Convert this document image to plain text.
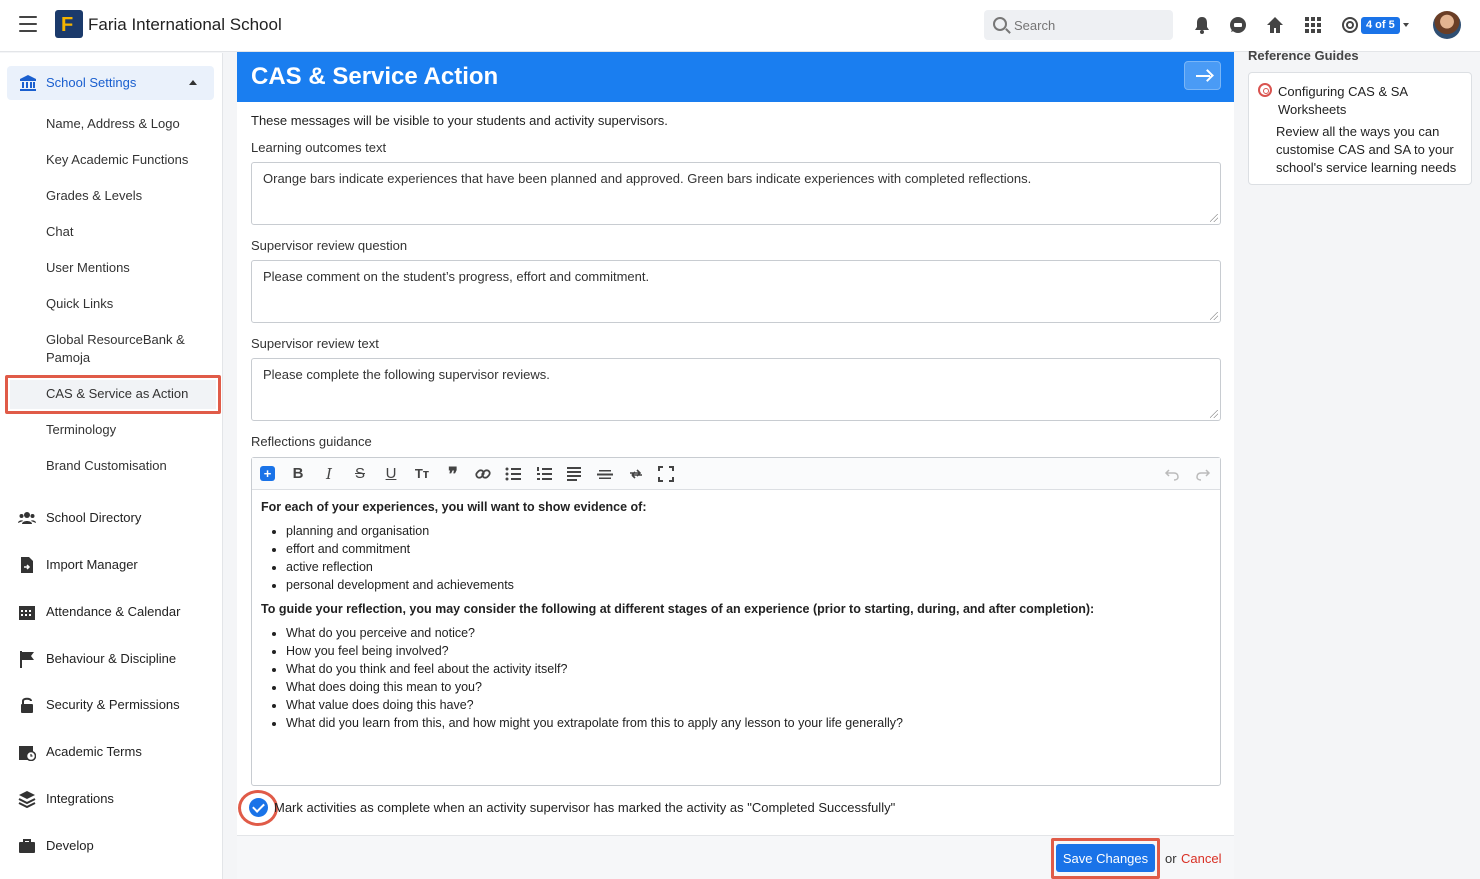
F Faria International School
Search	4 of 5
School Settings
Name, Address & Logo
Key Academic Functions
Grades & Levels
Chat
User Mentions
Quick Links
Global ResourceBank & Pamoja
CAS & Service as Action
Terminology
Brand Customisation
School Directory
Import Manager
Attendance & Calendar
Behaviour & Discipline
Security & Permissions
Academic Terms
Integrations
Develop
CAS & Service Action
These messages will be visible to your students and activity supervisors.
Learning outcomes text
Orange bars indicate experiences that have been planned and approved. Green bars indicate experiences with completed reflections.
Supervisor review question
Please comment on the student’s progress, effort and commitment.
Supervisor review text
Please complete the following supervisor reviews.
Reflections guidance
+ B	I	S U Tт ❞

For each of your experiences, you will want to show evidence of:

• planning and organisation
• effort and commitment
• active reflection
• personal development and achievements

To guide your reflection, you may consider the following at different stages of an experience (prior to starting, during, and after completion):

• What do you perceive and notice?
• How you feel being involved?
• What do you think and feel about the activity itself?
• What does doing this mean to you?
• What value does doing this have?
• What did you learn from this, and how might you extrapolate from this to apply any lesson to your life generally?
Mark activities as complete when an activity supervisor has marked the activity as "Completed Successfully"
Save Changes	or Cancel
Reference Guides
Configuring CAS & SA Worksheets
Review all the ways you can customise CAS and SA to your school's service learning needs
